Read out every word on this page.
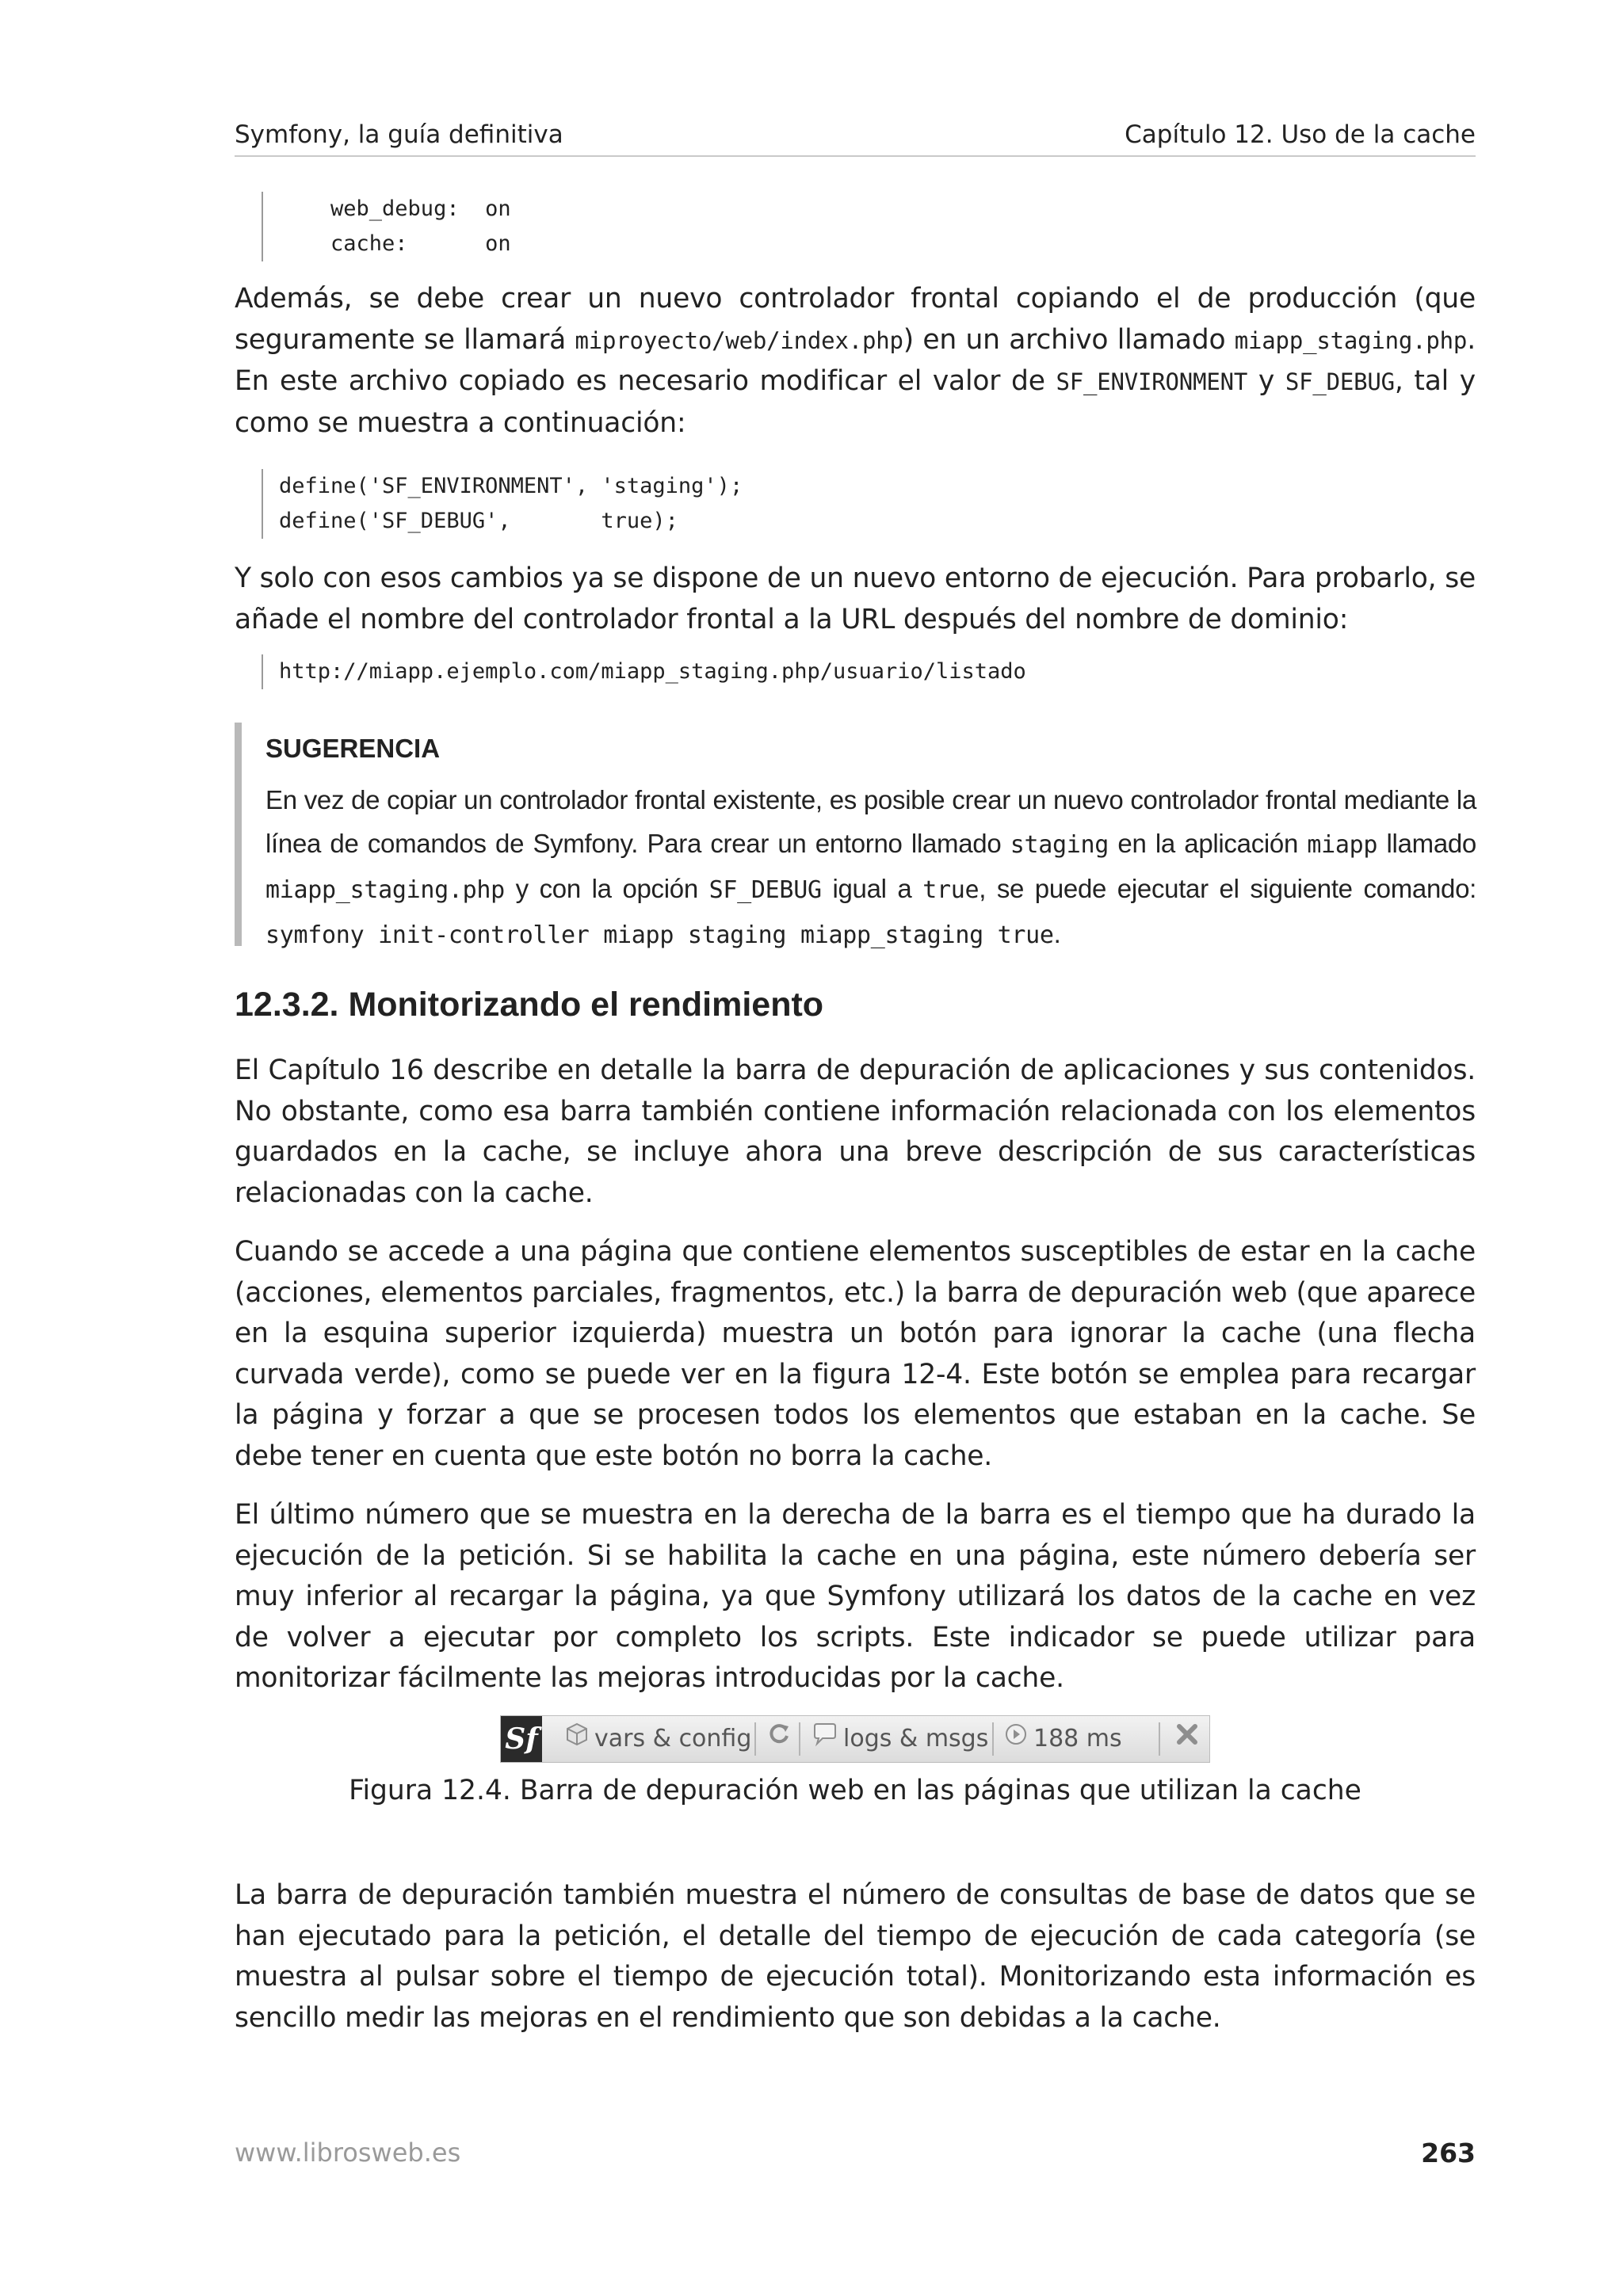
Symfony, la guía definitiva	Capítulo 12. Uso de la cache
web_debug:  on
cache:      on
Además, se debe crear un nuevo controlador frontal copiando el de producción (que seguramente se llamará miproyecto/web/index.php) en un archivo llamado miapp_staging.php. En este archivo copiado es necesario modificar el valor de SF_ENVIRONMENT y SF_DEBUG, tal y como se muestra a continuación:
define('SF_ENVIRONMENT', 'staging');
define('SF_DEBUG',       true);
Y solo con esos cambios ya se dispone de un nuevo entorno de ejecución. Para probarlo, se añade el nombre del controlador frontal a la URL después del nombre de dominio:
http://miapp.ejemplo.com/miapp_staging.php/usuario/listado
SUGERENCIA
En vez de copiar un controlador frontal existente, es posible crear un nuevo controlador frontal mediante la línea de comandos de Symfony. Para crear un entorno llamado staging en la aplicación miapp llamado miapp_staging.php y con la opción SF_DEBUG igual a true, se puede ejecutar el siguiente comando: symfony init-controller miapp staging miapp_staging true.
12.3.2. Monitorizando el rendimiento
El Capítulo 16 describe en detalle la barra de depuración de aplicaciones y sus contenidos. No obstante, como esa barra también contiene información relacionada con los elementos guardados en la cache, se incluye ahora una breve descripción de sus características relacionadas con la cache.
Cuando se accede a una página que contiene elementos susceptibles de estar en la cache (acciones, elementos parciales, fragmentos, etc.) la barra de depuración web (que aparece en la esquina superior izquierda) muestra un botón para ignorar la cache (una flecha curvada verde), como se puede ver en la figura 12-4. Este botón se emplea para recargar la página y forzar a que se procesen todos los elementos que estaban en la cache. Se debe tener en cuenta que este botón no borra la cache.
El último número que se muestra en la derecha de la barra es el tiempo que ha durado la ejecución de la petición. Si se habilita la cache en una página, este número debería ser muy inferior al recargar la página, ya que Symfony utilizará los datos de la cache en vez de volver a ejecutar por completo los scripts. Este indicador se puede utilizar para monitorizar fácilmente las mejoras introducidas por la cache.
Sf	vars & config	logs & msgs	188 ms
Figura 12.4. Barra de depuración web en las páginas que utilizan la cache
La barra de depuración también muestra el número de consultas de base de datos que se han ejecutado para la petición, el detalle del tiempo de ejecución de cada categoría (se muestra al pulsar sobre el tiempo de ejecución total). Monitorizando esta información es sencillo medir las mejoras en el rendimiento que son debidas a la cache.
www.librosweb.es	263
